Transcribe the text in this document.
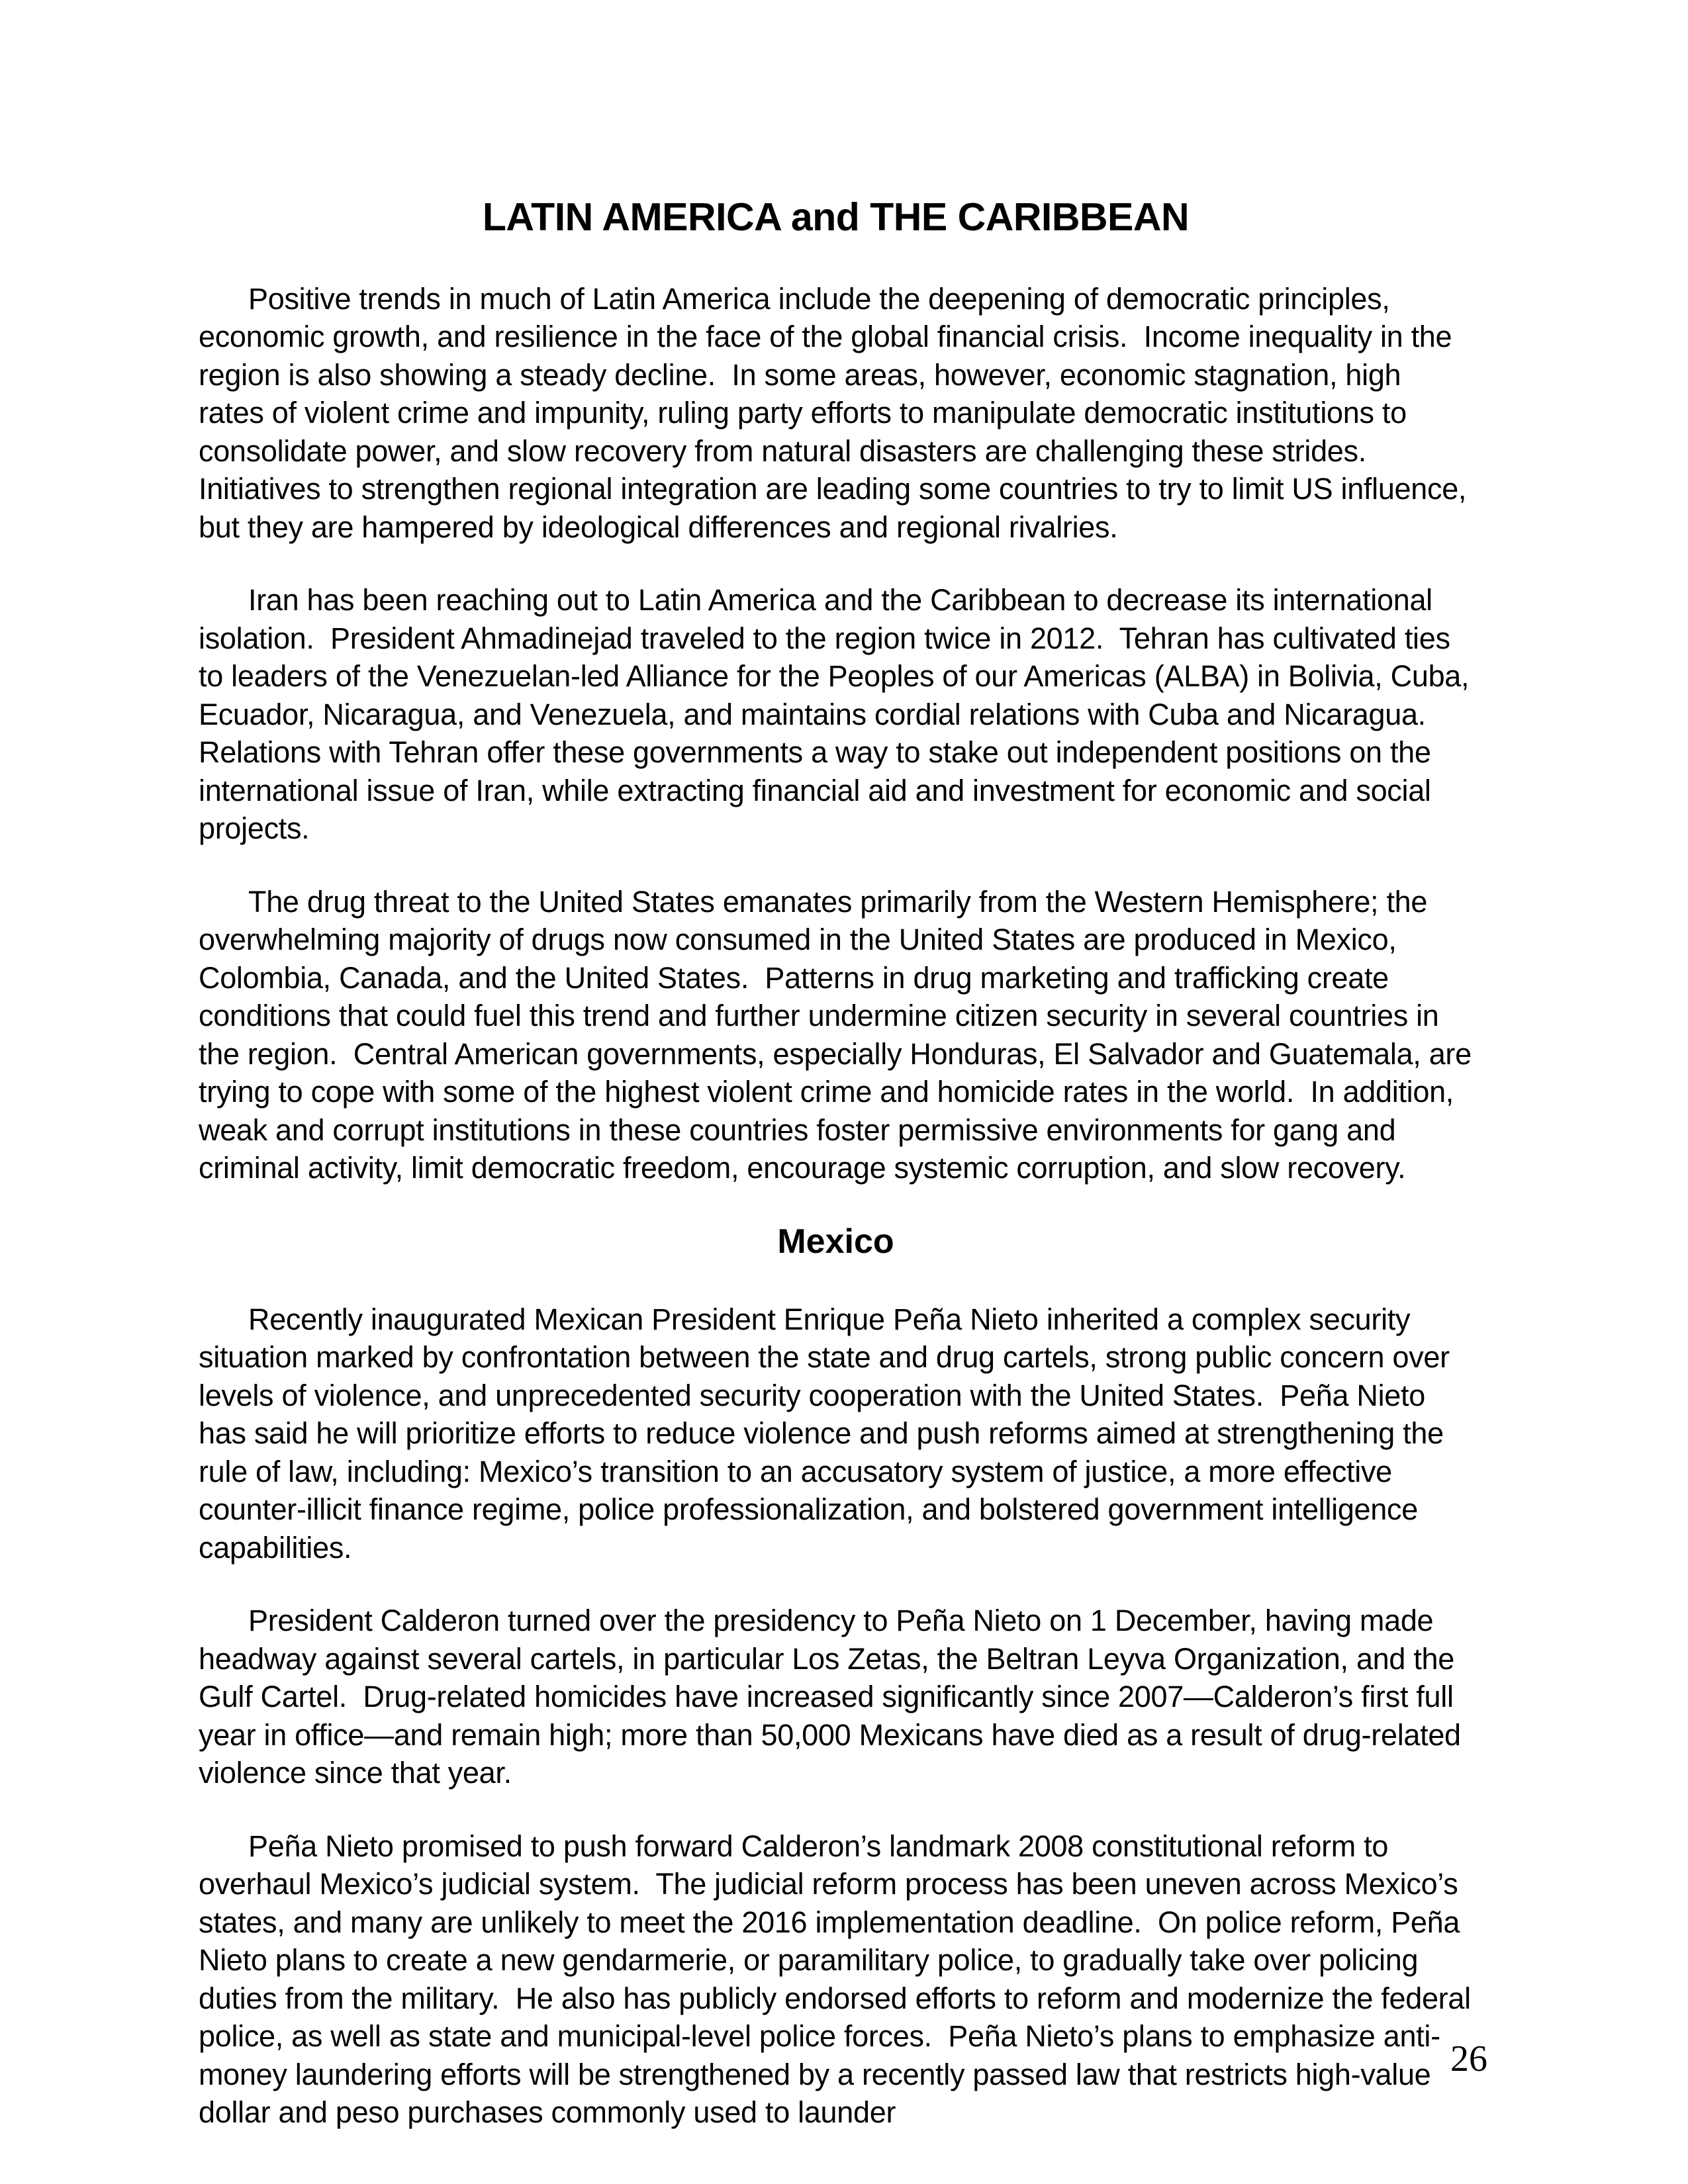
LATIN AMERICA and THE CARIBBEAN

Positive trends in much of Latin America include the deepening of democratic principles, economic growth, and resilience in the face of the global financial crisis.  Income inequality in the region is also showing a steady decline.  In some areas, however, economic stagnation, high rates of violent crime and impunity, ruling party efforts to manipulate democratic institutions to consolidate power, and slow recovery from natural disasters are challenging these strides.  Initiatives to strengthen regional integration are leading some countries to try to limit US influence, but they are hampered by ideological differences and regional rivalries.

Iran has been reaching out to Latin America and the Caribbean to decrease its international isolation.  President Ahmadinejad traveled to the region twice in 2012.  Tehran has cultivated ties to leaders of the Venezuelan-led Alliance for the Peoples of our Americas (ALBA) in Bolivia, Cuba, Ecuador, Nicaragua, and Venezuela, and maintains cordial relations with Cuba and Nicaragua.  Relations with Tehran offer these governments a way to stake out independent positions on the international issue of Iran, while extracting financial aid and investment for economic and social projects.

The drug threat to the United States emanates primarily from the Western Hemisphere; the overwhelming majority of drugs now consumed in the United States are produced in Mexico, Colombia, Canada, and the United States.  Patterns in drug marketing and trafficking create conditions that could fuel this trend and further undermine citizen security in several countries in the region.  Central American governments, especially Honduras, El Salvador and Guatemala, are trying to cope with some of the highest violent crime and homicide rates in the world.  In addition, weak and corrupt institutions in these countries foster permissive environments for gang and criminal activity, limit democratic freedom, encourage systemic corruption, and slow recovery.

Mexico

Recently inaugurated Mexican President Enrique Peña Nieto inherited a complex security situation marked by confrontation between the state and drug cartels, strong public concern over levels of violence, and unprecedented security cooperation with the United States.  Peña Nieto has said he will prioritize efforts to reduce violence and push reforms aimed at strengthening the rule of law, including: Mexico’s transition to an accusatory system of justice, a more effective counter-illicit finance regime, police professionalization, and bolstered government intelligence capabilities.

President Calderon turned over the presidency to Peña Nieto on 1 December, having made headway against several cartels, in particular Los Zetas, the Beltran Leyva Organization, and the Gulf Cartel.  Drug-related homicides have increased significantly since 2007—Calderon’s first full year in office—and remain high; more than 50,000 Mexicans have died as a result of drug-related violence since that year.

Peña Nieto promised to push forward Calderon’s landmark 2008 constitutional reform to overhaul Mexico’s judicial system.  The judicial reform process has been uneven across Mexico’s states, and many are unlikely to meet the 2016 implementation deadline.  On police reform, Peña Nieto plans to create a new gendarmerie, or paramilitary police, to gradually take over policing duties from the military.  He also has publicly endorsed efforts to reform and modernize the federal police, as well as state and municipal-level police forces.  Peña Nieto’s plans to emphasize anti-money laundering efforts will be strengthened by a recently passed law that restricts high-value dollar and peso purchases commonly used to launder

26
